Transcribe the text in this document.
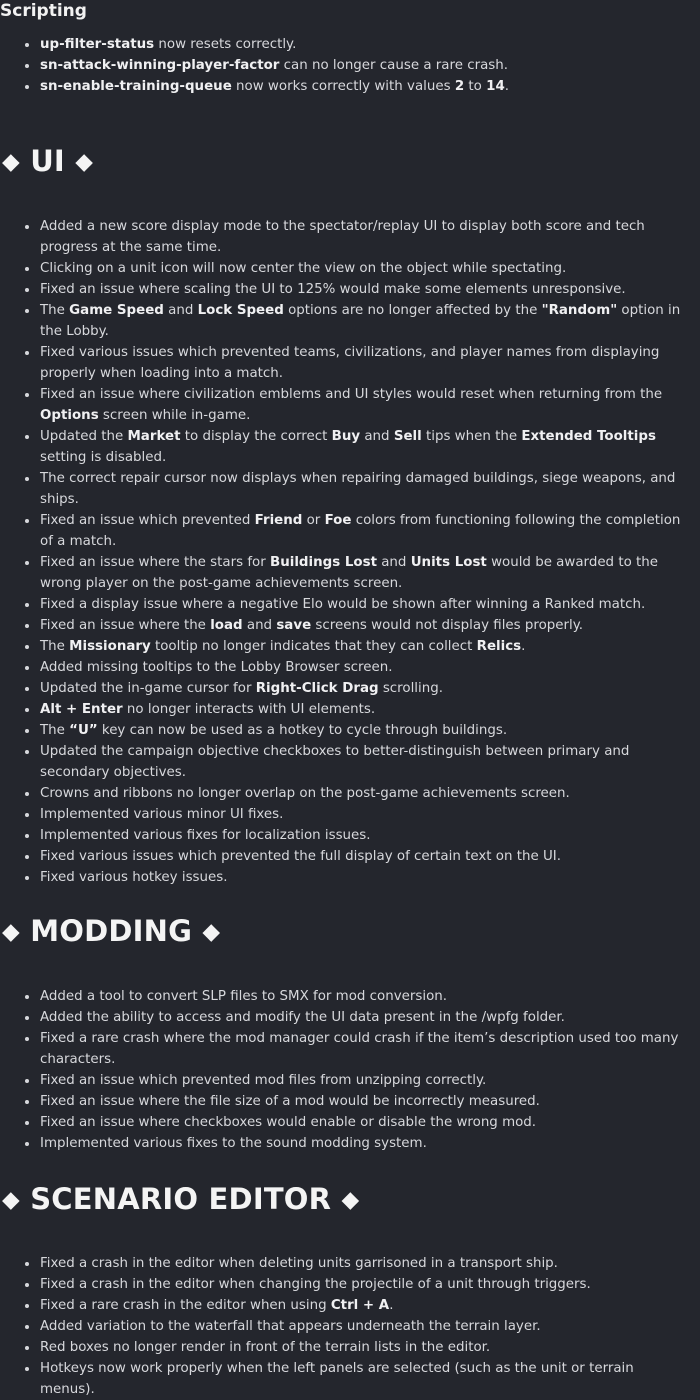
Scripting
up-filter-status now resets correctly.
sn-attack-winning-player-factor can no longer cause a rare crash.
sn-enable-training-queue now works correctly with values 2 to 14.
◆ UI ◆
Added a new score display mode to the spectator/replay UI to display both score and tech progress at the same time.
Clicking on a unit icon will now center the view on the object while spectating.
Fixed an issue where scaling the UI to 125% would make some elements unresponsive.
The Game Speed and Lock Speed options are no longer affected by the "Random" option in the Lobby.
Fixed various issues which prevented teams, civilizations, and player names from displaying properly when loading into a match.
Fixed an issue where civilization emblems and UI styles would reset when returning from the Options screen while in-game.
Updated the Market to display the correct Buy and Sell tips when the Extended Tooltips setting is disabled.
The correct repair cursor now displays when repairing damaged buildings, siege weapons, and ships.
Fixed an issue which prevented Friend or Foe colors from functioning following the completion of a match.
Fixed an issue where the stars for Buildings Lost and Units Lost would be awarded to the wrong player on the post-game achievements screen.
Fixed a display issue where a negative Elo would be shown after winning a Ranked match.
Fixed an issue where the load and save screens would not display files properly.
The Missionary tooltip no longer indicates that they can collect Relics.
Added missing tooltips to the Lobby Browser screen.
Updated the in-game cursor for Right-Click Drag scrolling.
Alt + Enter no longer interacts with UI elements.
The “U” key can now be used as a hotkey to cycle through buildings.
Updated the campaign objective checkboxes to better-distinguish between primary and secondary objectives.
Crowns and ribbons no longer overlap on the post-game achievements screen.
Implemented various minor UI fixes.
Implemented various fixes for localization issues.
Fixed various issues which prevented the full display of certain text on the UI.
Fixed various hotkey issues.
◆ MODDING ◆
Added a tool to convert SLP files to SMX for mod conversion.
Added the ability to access and modify the UI data present in the /wpfg folder.
Fixed a rare crash where the mod manager could crash if the item’s description used too many characters.
Fixed an issue which prevented mod files from unzipping correctly.
Fixed an issue where the file size of a mod would be incorrectly measured.
Fixed an issue where checkboxes would enable or disable the wrong mod.
Implemented various fixes to the sound modding system.
◆ SCENARIO EDITOR ◆
Fixed a crash in the editor when deleting units garrisoned in a transport ship.
Fixed a crash in the editor when changing the projectile of a unit through triggers.
Fixed a rare crash in the editor when using Ctrl + A.
Added variation to the waterfall that appears underneath the terrain layer.
Red boxes no longer render in front of the terrain lists in the editor.
Hotkeys now work properly when the left panels are selected (such as the unit or terrain menus).
